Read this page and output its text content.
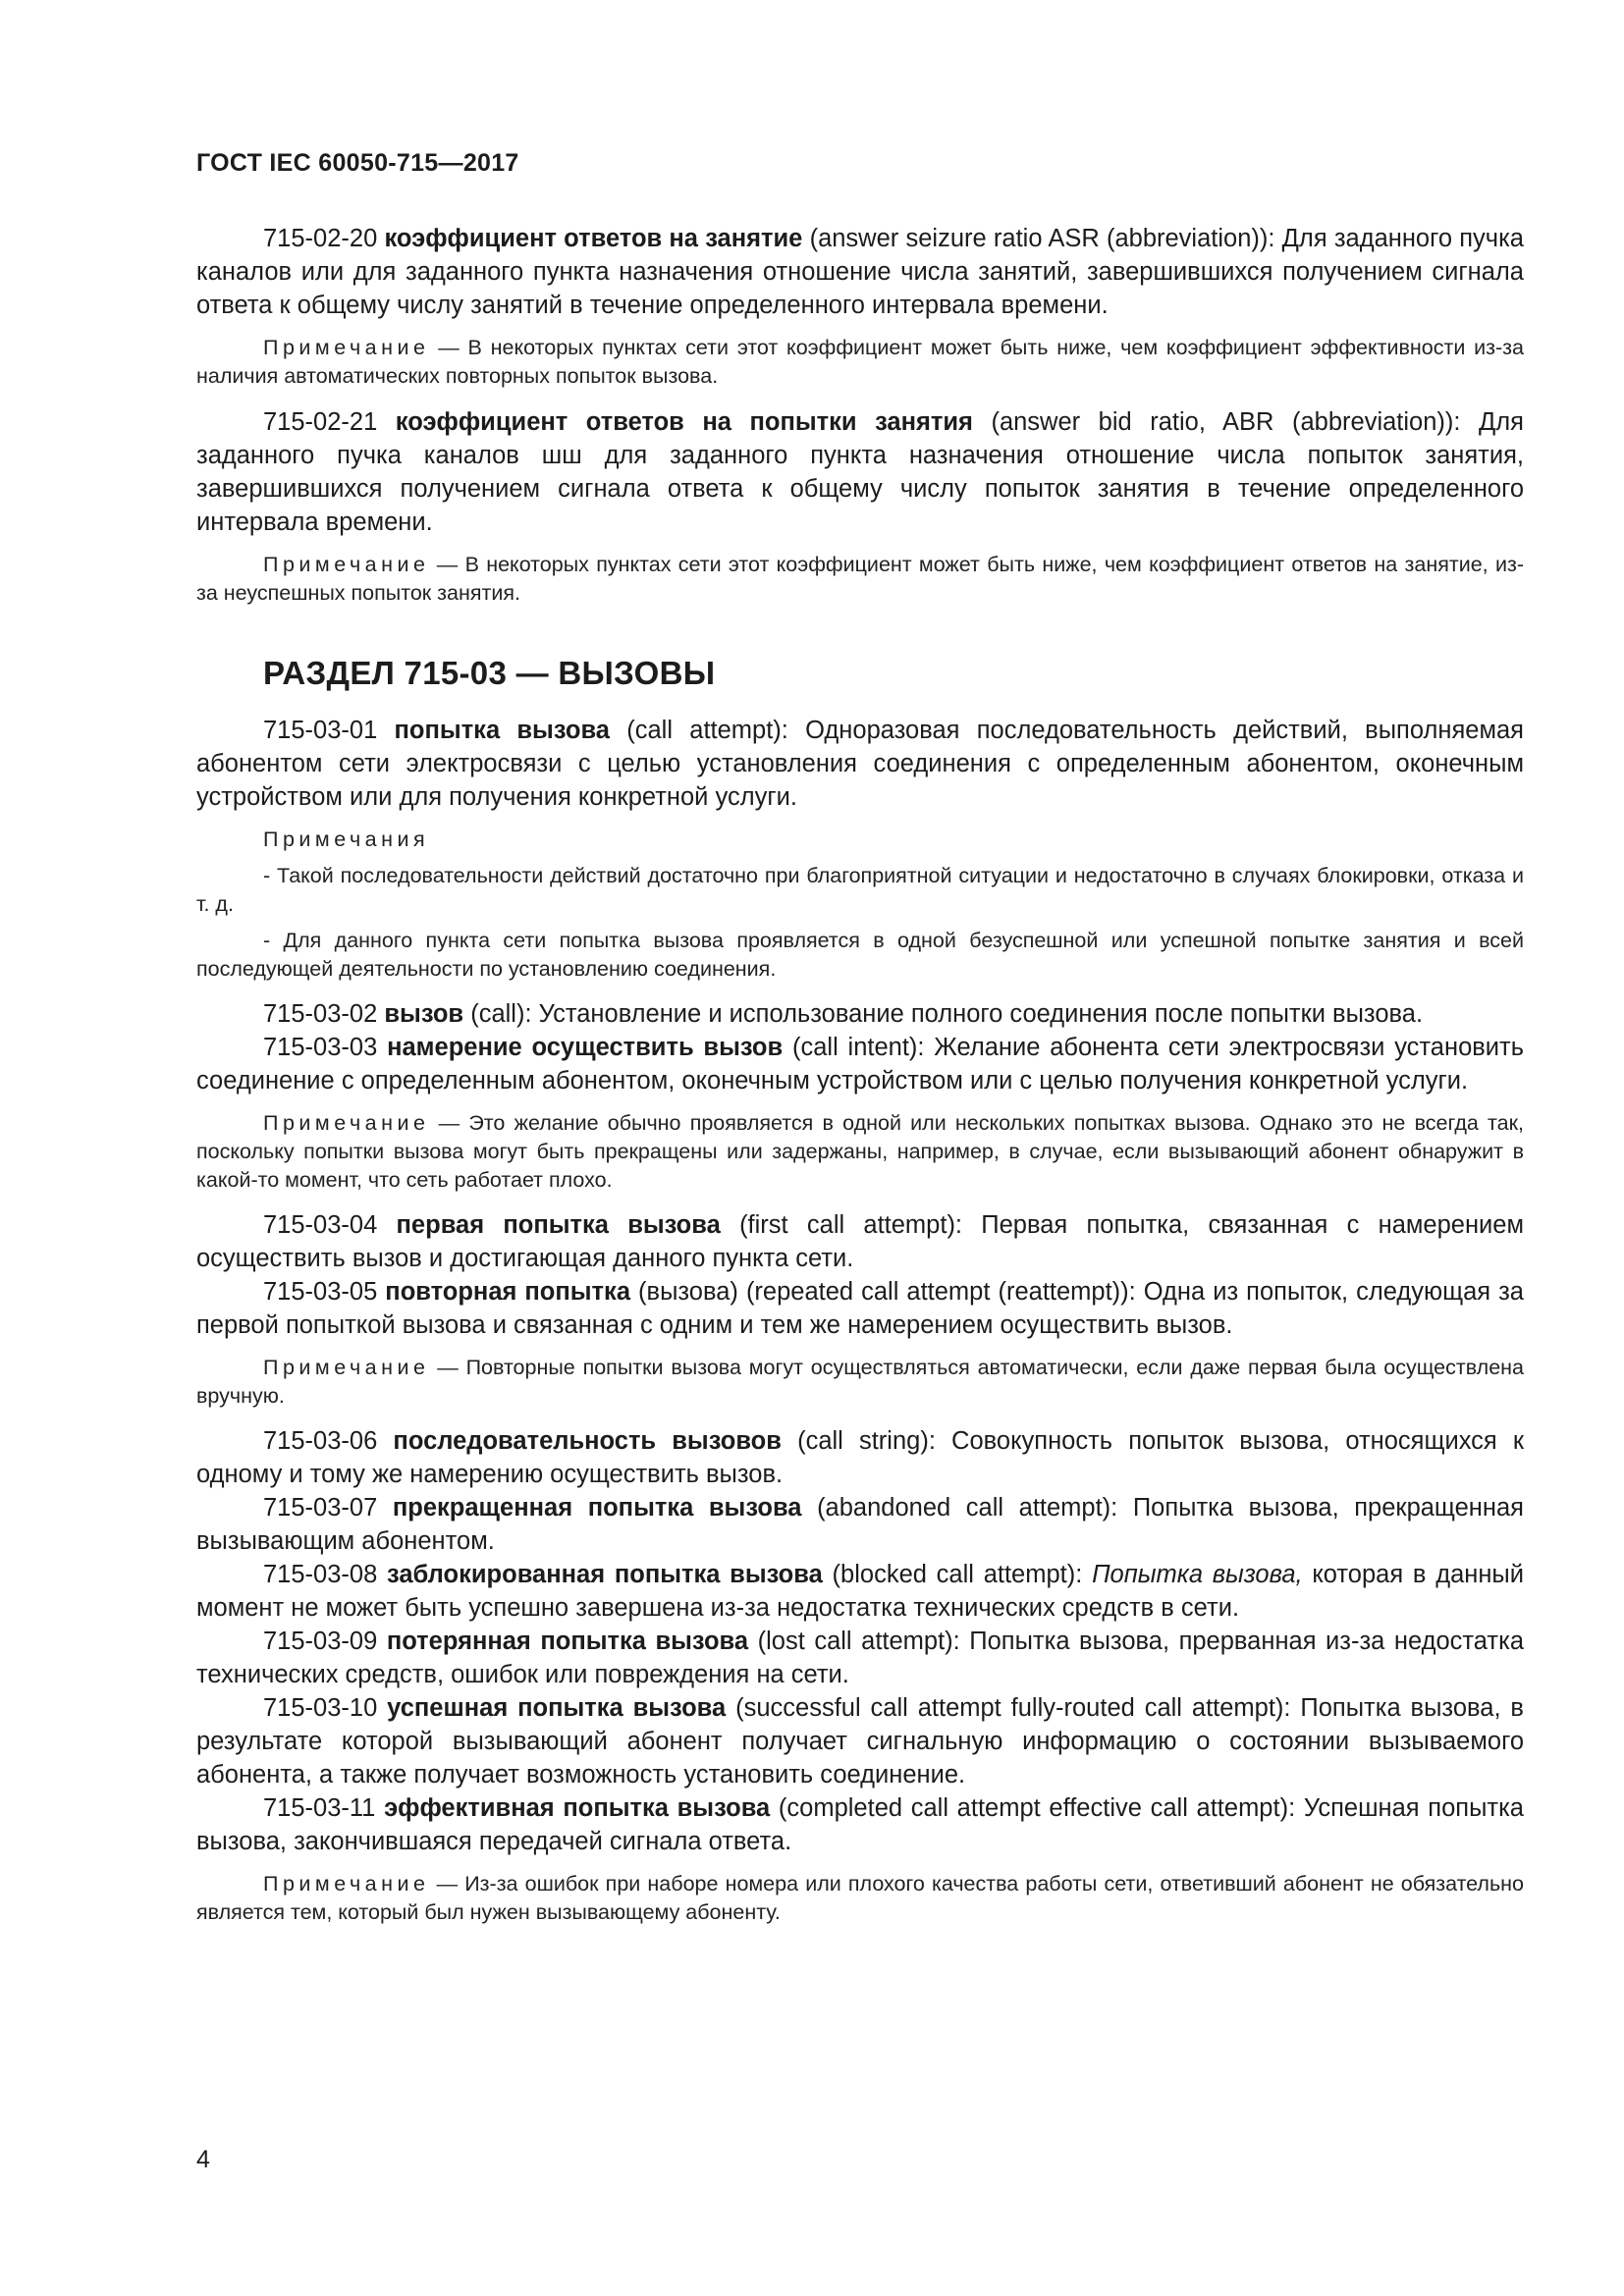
ГОСТ IEC 60050-715—2017

715-02-20 коэффициент ответов на занятие (answer seizure ratio ASR (abbreviation)): Для заданного пучка каналов или для заданного пункта назначения отношение числа занятий, завершившихся получением сигнала ответа к общему числу занятий в течение определенного интервала времени.

Примечание — В некоторых пунктах сети этот коэффициент может быть ниже, чем коэффициент эффективности из-за наличия автоматических повторных попыток вызова.

715-02-21 коэффициент ответов на попытки занятия (answer bid ratio, ABR (abbreviation)): Для заданного пучка каналов шш для заданного пункта назначения отношение числа попыток занятия, завершившихся получением сигнала ответа к общему числу попыток занятия в течение определенного интервала времени.

Примечание — В некоторых пунктах сети этот коэффициент может быть ниже, чем коэффициент ответов на занятие, из-за неуспешных попыток занятия.

РАЗДЕЛ 715-03 — ВЫЗОВЫ

715-03-01 попытка вызова (call attempt): Одноразовая последовательность действий, выполняемая абонентом сети электросвязи с целью установления соединения с определенным абонентом, оконечным устройством или для получения конкретной услуги.

Примечания

- Такой последовательности действий достаточно при благоприятной ситуации и недостаточно в случаях блокировки, отказа и т. д.

- Для данного пункта сети попытка вызова проявляется в одной безуспешной или успешной попытке занятия и всей последующей деятельности по установлению соединения.

715-03-02 вызов (call): Установление и использование полного соединения после попытки вызова.

715-03-03 намерение осуществить вызов (call intent): Желание абонента сети электросвязи установить соединение с определенным абонентом, оконечным устройством или с целью получения конкретной услуги.

Примечание — Это желание обычно проявляется в одной или нескольких попытках вызова. Однако это не всегда так, поскольку попытки вызова могут быть прекращены или задержаны, например, в случае, если вызывающий абонент обнаружит в какой-то момент, что сеть работает плохо.

715-03-04 первая попытка вызова (first call attempt): Первая попытка, связанная с намерением осуществить вызов и достигающая данного пункта сети.

715-03-05 повторная попытка (вызова) (repeated call attempt (reattempt)): Одна из попыток, следующая за первой попыткой вызова и связанная с одним и тем же намерением осуществить вызов.

Примечание — Повторные попытки вызова могут осуществляться автоматически, если даже первая была осуществлена вручную.

715-03-06 последовательность вызовов (call string): Совокупность попыток вызова, относящихся к одному и тому же намерению осуществить вызов.

715-03-07 прекращенная попытка вызова (abandoned call attempt): Попытка вызова, прекращенная вызывающим абонентом.

715-03-08 заблокированная попытка вызова (blocked call attempt): Попытка вызова, которая в данный момент не может быть успешно завершена из-за недостатка технических средств в сети.

715-03-09 потерянная попытка вызова (lost call attempt): Попытка вызова, прерванная из-за недостатка технических средств, ошибок или повреждения на сети.

715-03-10 успешная попытка вызова (successful call attempt fully-routed call attempt): Попытка вызова, в результате которой вызывающий абонент получает сигнальную информацию о состоянии вызываемого абонента, а также получает возможность установить соединение.

715-03-11 эффективная попытка вызова (completed call attempt effective call attempt): Успешная попытка вызова, закончившаяся передачей сигнала ответа.

Примечание — Из-за ошибок при наборе номера или плохого качества работы сети, ответивший абонент не обязательно является тем, который был нужен вызывающему абоненту.

4
